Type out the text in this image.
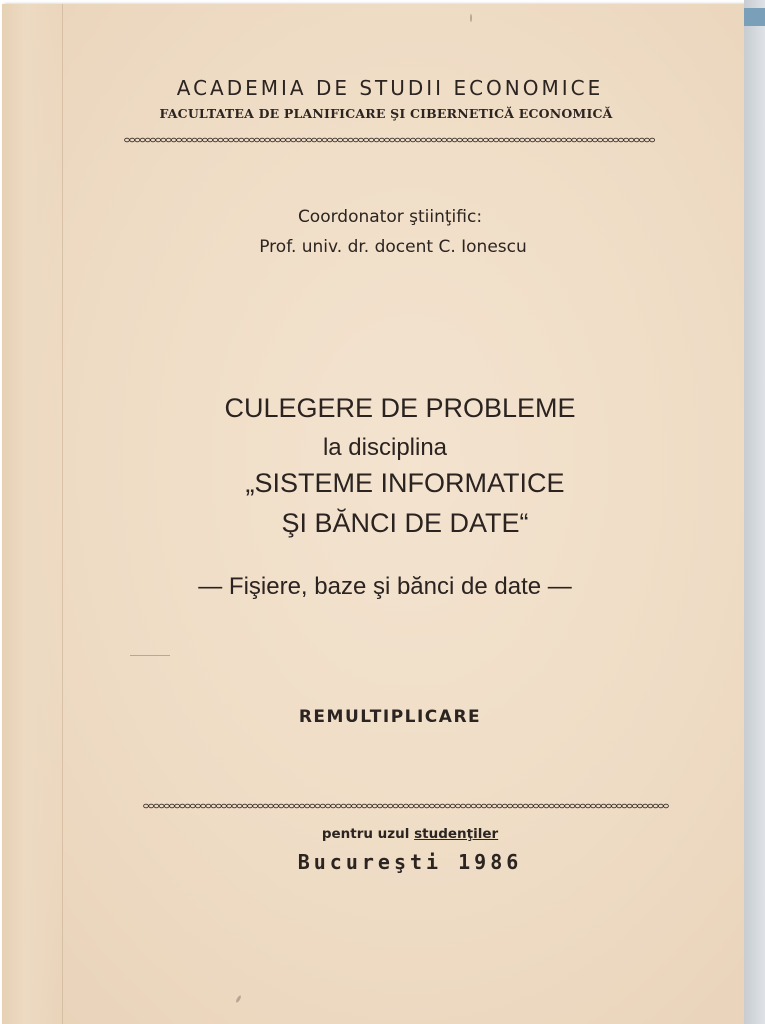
ACADEMIA DE STUDII ECONOMICE
FACULTATEA DE PLANIFICARE ŞI CIBERNETICĂ ECONOMICĂ
Coordonator ştiinţific:
Prof. univ. dr. docent C. Ionescu
CULEGERE DE PROBLEME
la disciplina
„SISTEME INFORMATICE
ŞI BĂNCI DE DATE“
— Fişiere, baze şi bănci de date —
REMULTIPLICARE
pentru uzul studenţiler
Bucureşti 1986
